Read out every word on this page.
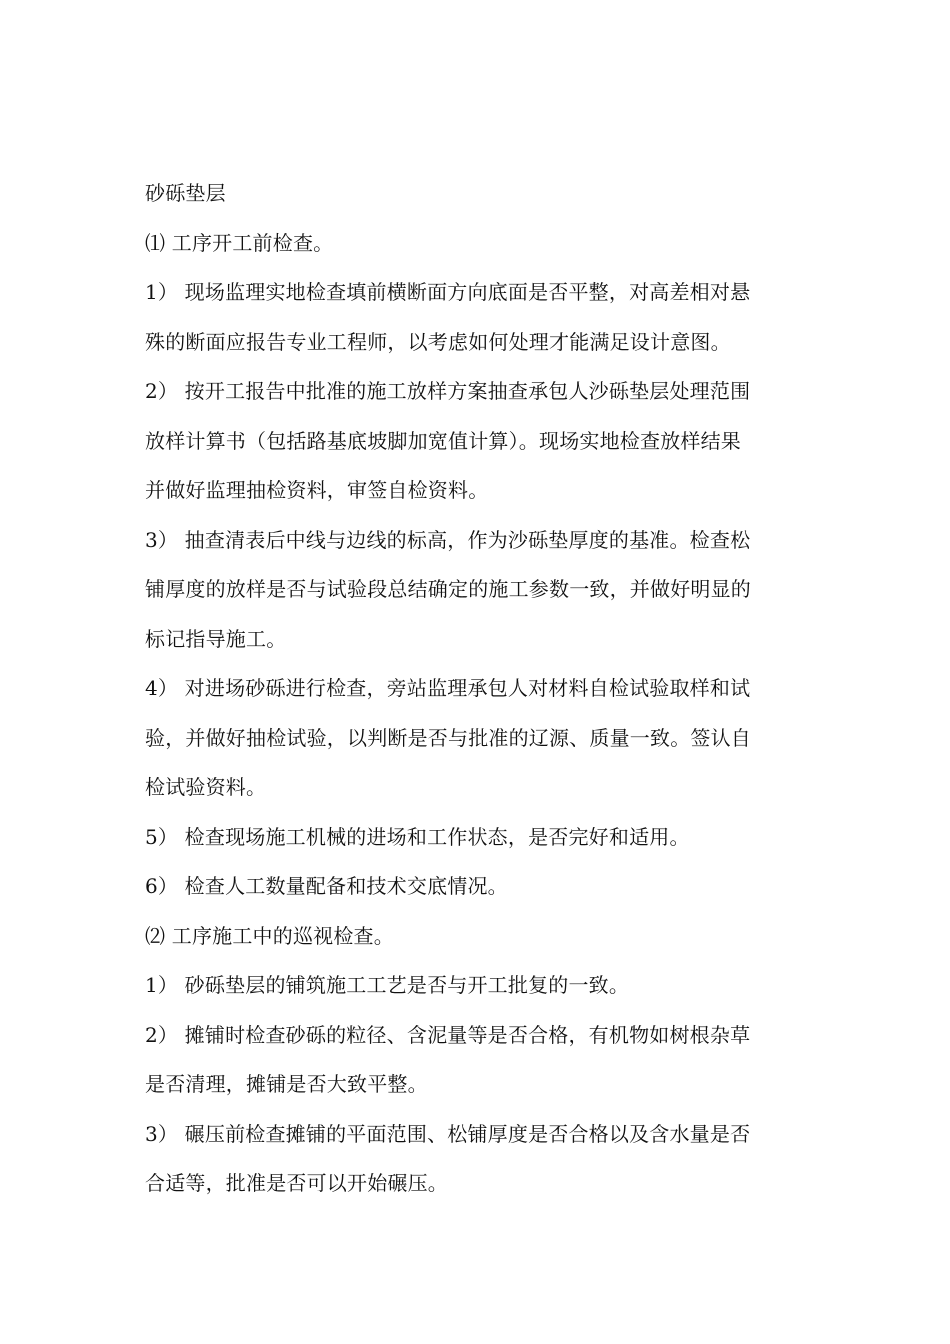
砂砾垫层
⑴ 工序开工前检查。
1） 现场监理实地检查填前横断面方向底面是否平整，对高差相对悬
殊的断面应报告专业工程师，以考虑如何处理才能满足设计意图。
2） 按开工报告中批准的施工放样方案抽查承包人沙砾垫层处理范围
放样计算书（包括路基底坡脚加宽值计算）。现场实地检查放样结果
并做好监理抽检资料，审签自检资料。
3） 抽查清表后中线与边线的标高，作为沙砾垫厚度的基准。检查松
铺厚度的放样是否与试验段总结确定的施工参数一致，并做好明显的
标记指导施工。
4） 对进场砂砾进行检查，旁站监理承包人对材料自检试验取样和试
验，并做好抽检试验，以判断是否与批准的辽源、质量一致。签认自
检试验资料。
5） 检查现场施工机械的进场和工作状态，是否完好和适用。
6） 检查人工数量配备和技术交底情况。
⑵ 工序施工中的巡视检查。
1） 砂砾垫层的铺筑施工工艺是否与开工批复的一致。
2） 摊铺时检查砂砾的粒径、含泥量等是否合格，有机物如树根杂草
是否清理，摊铺是否大致平整。
3） 碾压前检查摊铺的平面范围、松铺厚度是否合格以及含水量是否
合适等，批准是否可以开始碾压。
